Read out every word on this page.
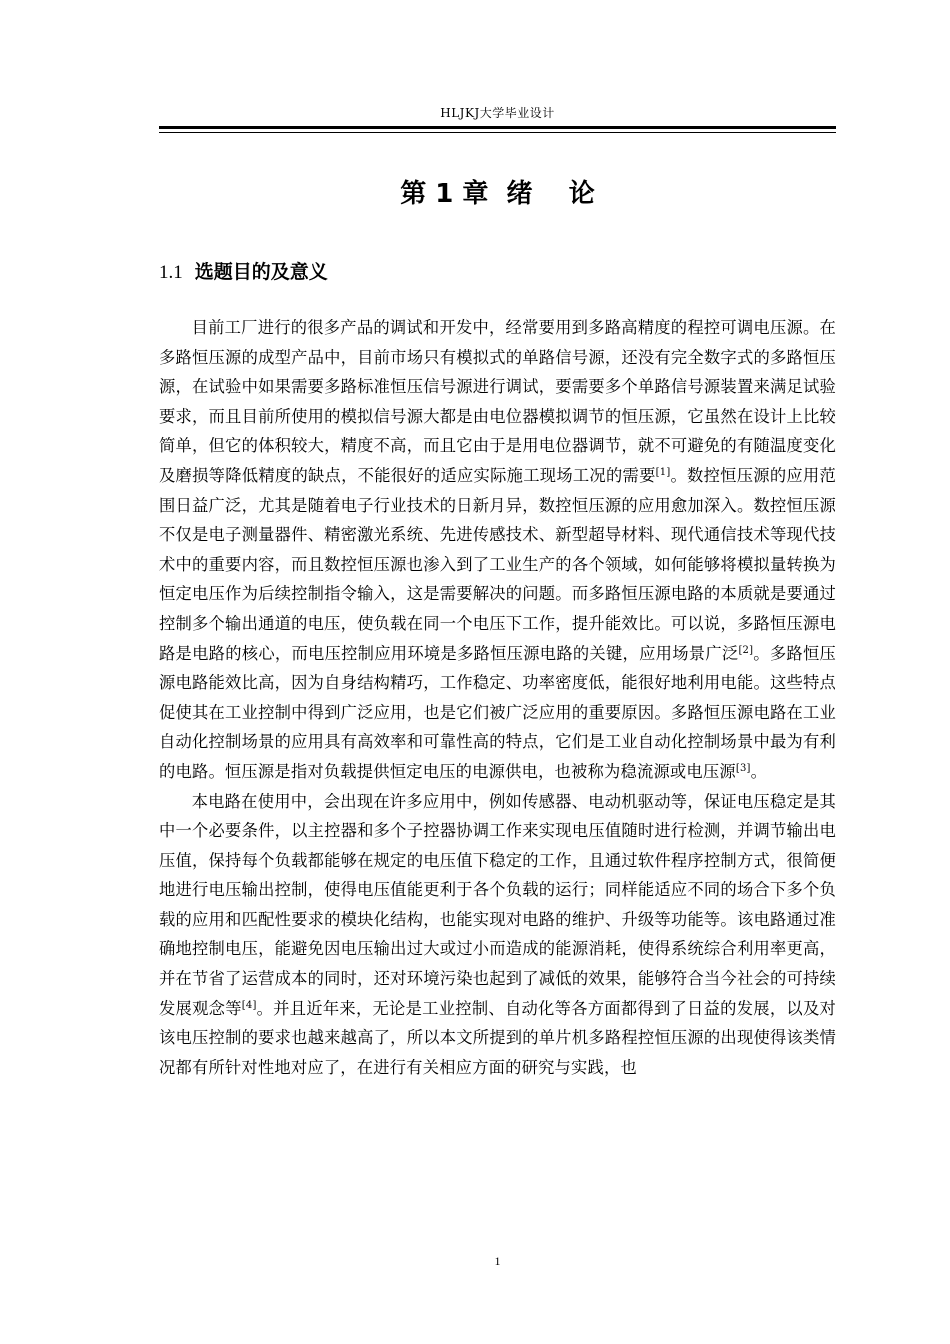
HLJKJ大学毕业设计
第 1 章  绪    论
1.1 选题目的及意义

目前工厂进行的很多产品的调试和开发中，经常要用到多路高精度的程控可调电压源。在多路恒压源的成型产品中，目前市场只有模拟式的单路信号源，还没有完全数字式的多路恒压源，在试验中如果需要多路标准恒压信号源进行调试，要需要多个单路信号源装置来满足试验要求，而且目前所使用的模拟信号源大都是由电位器模拟调节的恒压源，它虽然在设计上比较简单，但它的体积较大，精度不高，而且它由于是用电位器调节，就不可避免的有随温度变化及磨损等降低精度的缺点，不能很好的适应实际施工现场工况的需要[1]。数控恒压源的应用范围日益广泛，尤其是随着电子行业技术的日新月异，数控恒压源的应用愈加深入。数控恒压源不仅是电子测量器件、精密激光系统、先进传感技术、新型超导材料、现代通信技术等现代技术中的重要内容，而且数控恒压源也渗入到了工业生产的各个领域，如何能够将模拟量转换为恒定电压作为后续控制指令输入，这是需要解决的问题。而多路恒压源电路的本质就是要通过控制多个输出通道的电压，使负载在同一个电压下工作，提升能效比。可以说，多路恒压源电路是电路的核心，而电压控制应用环境是多路恒压源电路的关键，应用场景广泛[2]。多路恒压源电路能效比高，因为自身结构精巧，工作稳定、功率密度低，能很好地利用电能。这些特点促使其在工业控制中得到广泛应用，也是它们被广泛应用的重要原因。多路恒压源电路在工业自动化控制场景的应用具有高效率和可靠性高的特点，它们是工业自动化控制场景中最为有利的电路。恒压源是指对负载提供恒定电压的电源供电，也被称为稳流源或电压源[3]。

本电路在使用中，会出现在许多应用中，例如传感器、电动机驱动等，保证电压稳定是其中一个必要条件，以主控器和多个子控器协调工作来实现电压值随时进行检测，并调节输出电压值，保持每个负载都能够在规定的电压值下稳定的工作，且通过软件程序控制方式，很简便地进行电压输出控制，使得电压值能更利于各个负载的运行；同样能适应不同的场合下多个负载的应用和匹配性要求的模块化结构，也能实现对电路的维护、升级等功能等。该电路通过准确地控制电压，能避免因电压输出过大或过小而造成的能源消耗，使得系统综合利用率更高，并在节省了运营成本的同时，还对环境污染也起到了减低的效果，能够符合当今社会的可持续发展观念等[4]。并且近年来，无论是工业控制、自动化等各方面都得到了日益的发展，以及对该电压控制的要求也越来越高了，所以本文所提到的单片机多路程控恒压源的出现使得该类情况都有所针对性地对应了，在进行有关相应方面的研究与实践，也

1
